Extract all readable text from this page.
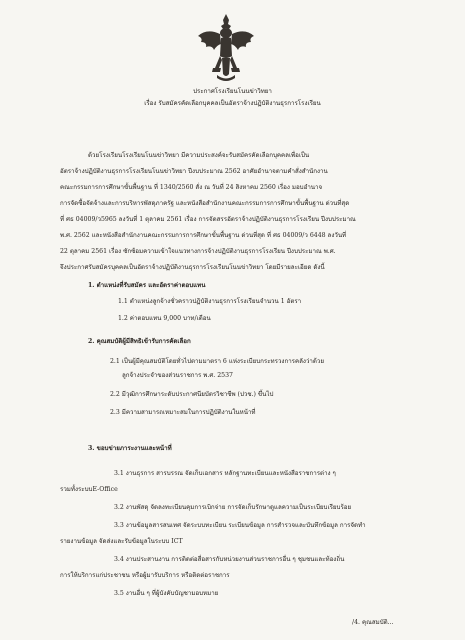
ประกาศโรงเรียนโนนข่าวิทยา
เรื่อง รับสมัครคัดเลือกบุคคลเป็นอัตราจ้างปฏิบัติงานธุรการโรงเรียน
ด้วยโรงเรียนโรงเรียนโนนข่าวิทยา มีความประสงค์จะรับสมัครคัดเลือกบุคคลเพื่อเป็น
อัตราจ้างปฏิบัติงานธุรการโรงเรียนโนนข่าวิทยา ปีงบประมาณ 2562 อาศัยอำนาจตามคำสั่งสำนักงาน
คณะกรรมการการศึกษาขั้นพื้นฐาน ที่ 1340/2560 สั่ง ณ วันที่ 24 สิงหาคม 2560 เรื่อง มอบอำนาจ
การจัดซื้อจัดจ้างและการบริหารพัสดุภาครัฐ และหนังสือสำนักงานคณะกรรมการการศึกษาขั้นพื้นฐาน ด่วนที่สุด
ที่ ศธ 04009/ว5965 ลงวันที่ 1 ตุลาคม 2561 เรื่อง การจัดสรรอัตราจ้างปฏิบัติงานธุรการโรงเรียน ปีงบประมาณ
พ.ศ. 2562 และหนังสือสำนักงานคณะกรรมการการศึกษาขั้นพื้นฐาน ด่วนที่สุด ที่ ศธ 04009/ว 6448 ลงวันที่
22 ตุลาคม 2561 เรื่อง ซักซ้อมความเข้าใจแนวทางการจ้างปฏิบัติงานธุรการโรงเรียน ปีงบประมาณ พ.ศ.
จึงประกาศรับสมัครบุคคลเป็นอัตราจ้างปฏิบัติงานธุรการโรงเรียนโนนข่าวิทยา โดยมีรายละเอียด ดังนี้
1. ตำแหน่งที่รับสมัคร และอัตราค่าตอบแทน
1.1 ตำแหน่งลูกจ้างชั่วคราวปฏิบัติงานธุรการโรงเรียนจำนวน 1 อัตรา
1.2 ค่าตอบแทน 9,000 บาท/เดือน
2. คุณสมบัติผู้มีสิทธิเข้ารับการคัดเลือก
2.1 เป็นผู้มีคุณสมบัติโดยทั่วไปตามมาตรา 6 แห่งระเบียบกระทรวงการคลังว่าด้วย
ลูกจ้างประจำของส่วนราชการ พ.ศ. 2537
2.2 มีวุฒิการศึกษาระดับประกาศนียบัตรวิชาชีพ (ปวช.) ขึ้นไป
2.3 มีความสามารถเหมาะสมในการปฏิบัติงานในหน้าที่
3. ขอบข่ายภาระงานและหน้าที่
3.1 งานธุรการ สารบรรณ จัดเก็บเอกสาร หลักฐานทะเบียนและหนังสือราชการต่าง ๆ
รวมทั้งระบบE-Office
3.2 งานพัสดุ จัดลงทะเบียนคุมการเบิกจ่าย การจัดเก็บรักษาดูแลความเป็นระเบียบเรียบร้อย
3.3 งานข้อมูลสารสนเทศ จัดระบบทะเบียน ระเบียนข้อมูล การสำรวจและบันทึกข้อมูล การจัดทำ
รายงานข้อมูล จัดส่งและรับข้อมูลในระบบ ICT
3.4 งานประสานงาน การติดต่อสื่อสารกับหน่วยงานส่วนราชการอื่น ๆ ชุมชนและท้องถิ่น
การให้บริการแก่ประชาชน หรือผู้มารับบริการ หรือติดต่อราชการ
3.5 งานอื่น ๆ ที่ผู้บังคับบัญชามอบหมาย
/4. คุณสมบัติ...
